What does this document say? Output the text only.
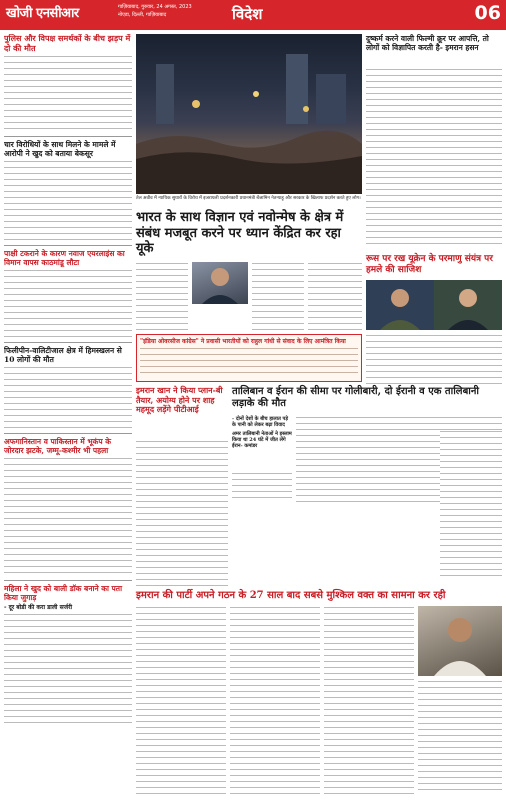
खोजी एनसीआर	गाज़ियाबाद, गुरुवार, 24 अगस्त, 2023
नोएडा, दिल्ली, गाज़ियाबाद	विदेश	06
पुलिस और विपक्ष समर्थकों के बीच झड़प में दो की मौत
चार विरोधियों के साथ मिलने के मामले में आरोपी ने खुद को बताया बेकसूर
पाक्षी टकराने के कारण नवाज एयरलाइंस का विमान वापस काठमांडू लौटा
फिलीपीन-वालिटीजाल क्षेत्र में हिमस्खलन से 10 लोगों की मौत
अफगानिस्तान व पाकिस्तान में भूकंप के जोरदार झटके, जम्मू-कश्मीर भी पहला
महिला ने खुद को बाली डॉक बनाने का पता किया जुगाड़
- दूर बोडी की करा डाली सर्जरी
तेल अवीव में न्यायिक सुधारों के विरोध में इजरायली प्रदर्शनकारी प्रधानमंत्री बेंजामिन नेतन्याहू और सरकार के खिलाफ प्रदर्शन करते हुए लोग।
भारत के साथ विज्ञान एवं नवोन्मेष के क्षेत्र में संबंध मजबूत करने पर ध्यान केंद्रित कर रहा यूके
"इंडिया ओवरसीज कांग्रेस" ने प्रवासी भारतीयों को राहुल गांधी से संवाद के लिए आमंत्रित किया
इमरान खान ने किया प्लान-बी तैयार, अयोग्य होने पर शाह महमूद लड़ेंगे पीटीआई
तालिबान व ईरान की सीमा पर गोलीबारी, दो ईरानी व एक तालिबानी लड़ाके की मौत
- दोनों देशों के बीच हालात पड़े के पानी को लेकर बढ़ा विवाद
अमर तालिबानी नेताओं ने इस्लाम किया था 24 घंटे में जीत लेंगे ईरान- कमांडर
इमरान की पार्टी अपने गठन के 27 साल बाद सबसे मुश्किल वक्त का सामना कर रही
दुष्कर्म करने वाली फिल्मी क्रूर पर आपत्ति, तो लोगों को विज्ञापित करती है- इमरान हसन
रूस पर रख यूक्रेन के परमाणु संयंत्र पर हमले की साजिश
